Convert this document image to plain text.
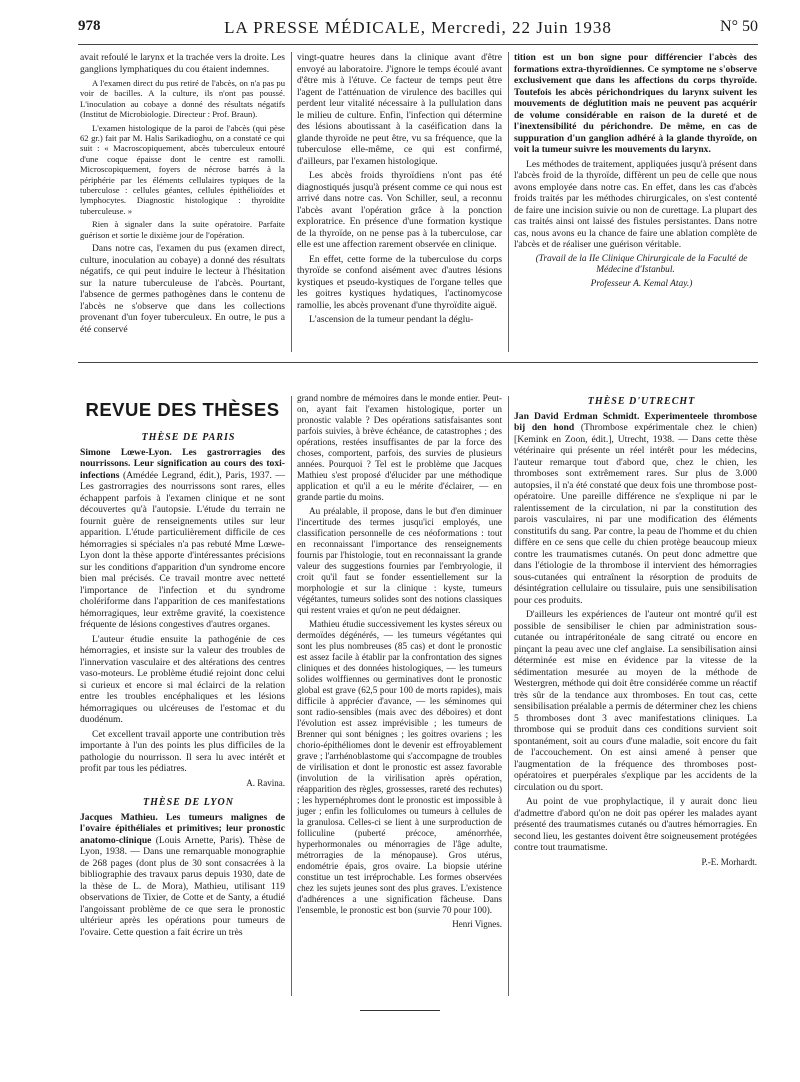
978	LA PRESSE MÉDICALE, Mercredi, 22 Juin 1938	N° 50

avait refoulé le larynx et la trachée vers la droite. Les ganglions lymphatiques du cou étaient indemnes.

A l'examen direct du pus retiré de l'abcès, on n'a pas pu voir de bacilles. A la culture, ils n'ont pas poussé. L'inoculation au cobaye a donné des résultats négatifs (Institut de Microbiologie. Directeur : Prof. Braun).

L'examen histologique de la paroi de l'abcès (qui pèse 62 gr.) fait par M. Halis Sarikadioghu, on a constaté ce qui suit : « Macroscopiquement, abcès tuberculeux entouré d'une coque épaisse dont le centre est ramolli. Microscopiquement, foyers de nécrose barrés à la périphérie par les éléments cellulaires typiques de la tuberculose : cellules géantes, cellules épithélioïdes et lymphocytes. Diagnostic histologique : thyroïdite tuberculeuse. »

Rien à signaler dans la suite opératoire. Parfaite guérison et sortie le dixième jour de l'opération.

Dans notre cas, l'examen du pus (examen direct, culture, inoculation au cobaye) a donné des résultats négatifs, ce qui peut induire le lecteur à l'hésitation sur la nature tuberculeuse de l'abcès. Pourtant, l'absence de germes pathogènes dans le contenu de l'abcès ne s'observe que dans les collections provenant d'un foyer tuberculeux. En outre, le pus a été conservé

vingt-quatre heures dans la clinique avant d'être envoyé au laboratoire. J'ignore le temps écoulé avant d'être mis à l'étuve. Ce facteur de temps peut être l'agent de l'atténuation de virulence des bacilles qui perdent leur vitalité nécessaire à la pullulation dans le milieu de culture. Enfin, l'infection qui détermine des lésions aboutissant à la caséification dans la glande thyroïde ne peut être, vu sa fréquence, que la tuberculose elle-même, ce qui est confirmé, d'ailleurs, par l'examen histologique.

Les abcès froids thyroïdiens n'ont pas été diagnostiqués jusqu'à présent comme ce qui nous est arrivé dans notre cas. Von Schiller, seul, a reconnu l'abcès avant l'opération grâce à la ponction exploratrice. En présence d'une formation kystique de la thyroïde, on ne pense pas à la tuberculose, car elle est une affection rarement observée en clinique.

En effet, cette forme de la tuberculose du corps thyroïde se confond aisément avec d'autres lésions kystiques et pseudo-kystiques de l'organe telles que les goitres kystiques hydatiques, l'actinomycose ramollie, les abcès provenant d'une thyroïdite aiguë.

L'ascension de la tumeur pendant la déglu-

tition est un bon signe pour différencier l'abcès des formations extra-thyroïdiennes. Ce symptome ne s'observe exclusivement que dans les affections du corps thyroïde. Toutefois les abcès périchondriques du larynx suivent les mouvements de déglutition mais ne peuvent pas acquérir de volume considérable en raison de la dureté et de l'inextensibilité du périchondre. De même, en cas de suppuration d'un ganglion adhéré à la glande thyroïde, on voit la tumeur suivre les mouvements du larynx.

Les méthodes de traitement, appliquées jusqu'à présent dans l'abcès froid de la thyroïde, diffèrent un peu de celle que nous avons employée dans notre cas. En effet, dans les cas d'abcès froids traités par les méthodes chirurgicales, on s'est contenté de faire une incision suivie ou non de curettage. La plupart des cas traités ainsi ont laissé des fistules persistantes. Dans notre cas, nous avons eu la chance de faire une ablation complète de l'abcès et de réaliser une guérison véritable.

(Travail de la IIe Clinique Chirurgicale de la Faculté de Médecine d'Istanbul.

Professeur A. Kemal Atay.)

REVUE DES THÈSES

THÈSE DE PARIS

Simone Lœwe-Lyon. Les gastrorragies des nourrissons. Leur signification au cours des toxi-infections (Amédée Legrand, édit.), Paris, 1937. — Les gastrorragies des nourrissons sont rares, elles échappent parfois à l'examen clinique et ne sont découvertes qu'à l'autopsie. L'étude du terrain ne fournit guère de renseignements utiles sur leur apparition. L'étude particulièrement difficile de ces hémorragies si spéciales n'a pas rebuté Mme Lœwe-Lyon dont la thèse apporte d'intéressantes précisions sur les conditions d'apparition d'un syndrome encore bien mal précisés. Ce travail montre avec netteté l'importance de l'infection et du syndrome cholériforme dans l'apparition de ces manifestations hémorragiques, leur extrême gravité, la coexistence fréquente de lésions congestives d'autres organes.

L'auteur étudie ensuite la pathogénie de ces hémorragies, et insiste sur la valeur des troubles de l'innervation vasculaire et des altérations des centres vaso-moteurs. Le problème étudié rejoint donc celui si curieux et encore si mal éclairci de la relation entre les troubles encéphaliques et les lésions hémorragiques ou ulcéreuses de l'estomac et du duodénum.

Cet excellent travail apporte une contribution très importante à l'un des points les plus difficiles de la pathologie du nourrisson. Il sera lu avec intérêt et profit par tous les pédiatres.

A. Ravina.

THÈSE DE LYON

Jacques Mathieu. Les tumeurs malignes de l'ovaire épithéliales et primitives; leur pronostic anatomo-clinique (Louis Arnette, Paris). Thèse de Lyon, 1938. — Dans une remarquable monographie de 268 pages (dont plus de 30 sont consacrées à la bibliographie des travaux parus depuis 1930, date de la thèse de L. de Mora), Mathieu, utilisant 119 observations de Tixier, de Cotte et de Santy, a étudié l'angoissant problème de ce que sera le pronostic ultérieur après les opérations pour tumeurs de l'ovaire. Cette question a fait écrire un très

grand nombre de mémoires dans le monde entier. Peut-on, ayant fait l'examen histologique, porter un pronostic valable ? Des opérations satisfaisantes sont parfois suivies, à brève échéance, de catastrophes ; des opérations, restées insuffisantes de par la force des choses, comportent, parfois, des survies de plusieurs années. Pourquoi ? Tel est le problème que Jacques Mathieu s'est proposé d'élucider par une méthodique application et qu'il a eu le mérite d'éclairer, — en grande partie du moins.

Au préalable, il propose, dans le but d'en diminuer l'incertitude des termes jusqu'ici employés, une classification personnelle de ces néoformations : tout en reconnaissant l'importance des renseignements fournis par l'histologie, tout en reconnaissant la grande valeur des suggestions fournies par l'embryologie, il croit qu'il faut se fonder essentiellement sur la morphologie et sur la clinique : kyste, tumeurs végétantes, tumeurs solides sont des notions classiques qui restent vraies et qu'on ne peut dédaigner.

Mathieu étudie successivement les kystes séreux ou dermoïdes dégénérés, — les tumeurs végétantes qui sont les plus nombreuses (85 cas) et dont le pronostic est assez facile à établir par la confrontation des signes cliniques et des données histologiques, — les tumeurs solides wolffiennes ou germinatives dont le pronostic global est grave (62,5 pour 100 de morts rapides), mais difficile à apprécier d'avance, — les séminomes qui sont radio-sensibles (mais avec des déboires) et dont l'évolution est assez imprévisible ; les tumeurs de Brenner qui sont bénignes ; les goitres ovariens ; les chorio-épithéliomes dont le devenir est effroyablement grave ; l'arrhénoblastome qui s'accompagne de troubles de virilisation et dont le pronostic est assez favorable (involution de la virilisation après opération, réapparition des règles, grossesses, rareté des rechutes) ; les hypernéphromes dont le pronostic est impossible à juger ; enfin les folliculomes ou tumeurs à cellules de la granulosa. Celles-ci se lient à une surproduction de folliculine (puberté précoce, aménorrhée, hyperhormonales ou ménorragies de l'âge adulte, métrorragies de la ménopause). Gros utérus, endométrie épais, gros ovaire. La biopsie utérine constitue un test irréprochable. Les formes observées chez les sujets jeunes sont des plus graves. L'existence d'adhérences a une signification fâcheuse. Dans l'ensemble, le pronostic est bon (survie 70 pour 100).

Henri Vignes.

THÈSE D'UTRECHT

Jan David Erdman Schmidt. Experimenteele thrombose bij den hond (Thrombose expérimentale chez le chien) [Kemink en Zoon, édit.], Utrecht, 1938. — Dans cette thèse vétérinaire qui présente un réel intérêt pour les médecins, l'auteur remarque tout d'abord que, chez le chien, les thromboses sont extrêmement rares. Sur plus de 3.000 autopsies, il n'a été constaté que deux fois une thrombose post-opératoire. Une pareille différence ne s'explique ni par le ralentissement de la circulation, ni par la constitution des parois vasculaires, ni par une modification des éléments constitutifs du sang. Par contre, la peau de l'homme et du chien diffère en ce sens que celle du chien protège beaucoup mieux contre les traumatismes cutanés. On peut donc admettre que dans l'étiologie de la thrombose il intervient des hémorragies sous-cutanées qui entraînent la résorption de produits de désintégration cellulaire ou tissulaire, puis une sensibilisation pour ces produits.

D'ailleurs les expériences de l'auteur ont montré qu'il est possible de sensibiliser le chien par administration sous-cutanée ou intrapéritonéale de sang citraté ou encore en pinçant la peau avec une clef anglaise. La sensibilisation ainsi déterminée est mise en évidence par la vitesse de la sédimentation mesurée au moyen de la méthode de Westergren, méthode qui doit être considérée comme un réactif très sûr de la tendance aux thromboses. En tout cas, cette sensibilisation préalable a permis de déterminer chez les chiens 5 thromboses dont 3 avec manifestations cliniques. La thrombose qui se produit dans ces conditions survient soit spontanément, soit au cours d'une maladie, soit encore du fait de l'accouchement. On est ainsi amené à penser que l'augmentation de la fréquence des thromboses post-opératoires et puerpérales s'explique par les accidents de la circulation ou du sport.

Au point de vue prophylactique, il y aurait donc lieu d'admettre d'abord qu'on ne doit pas opérer les malades ayant présenté des traumatismes cutanés ou d'autres hémorragies. En second lieu, les gestantes doivent être soigneusement protégées contre tout traumatisme.

P.-E. Morhardt.
